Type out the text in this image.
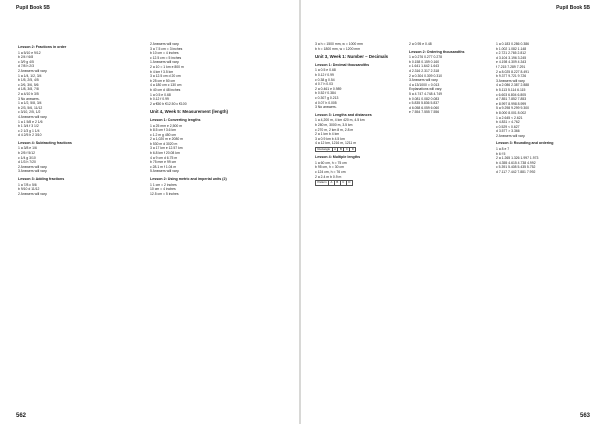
Pupil Book 5B
Lesson 2: Fractions in order
1 a 5/10 e 9/12
b 2/4 f 6/8
c 3/9 g 4/5
d 7/8 h 2/3
2 Answers will vary.
1 a 1/4, 1/2, 3/4
b 1/5, 2/5, 4/5
c 2/6, 3/6, 5/6
d 1/8, 3/8, 7/8
2 a 4/10 b 3/5
3 No answers.
1 a 1/2, 5/8, 3/4
b 2/3, 5/6, 11/12
c 3/10, 2/5, 1/2
4 Answers will vary.
1 a 1 5/8 e 2 1/6
b 1 3/4 f 3 1/2
c 2 1/3 g 1 1/4
d 4 2/5 h 2 3/10
Lesson 4: Subtracting fractions
1 a 3/8 e 1/6
b 2/5 f 5/12
c 1/4 g 3/10
d 1/3 h 7/20
2 Answers will vary.
3 Answers will vary.
Lesson 3: Adding fractions
1 a 7/8 c 5/6
b 9/10 d 11/12
2 Answers will vary.
2 Answers will vary.
3 a 7.5 cm = 3 inches
b 10 cm = 4 inches
c 12.5 cm = 5 inches
1 Answers will vary.
2 a 10 = 1 km e 800 m
b 4 km f 3.5 km
3 a 12.5 cm d 20 cm
b 25 cm e 50 cm
4 a 180 cm c 130 cm
b 40 cm d 48 inches
1 a 0.5 e 0.68
b 0.12 f 0.99
2 a €50 b €12.50 c €100
Unit 4, Week 5: Measurement (length)
Lesson 1: Converting lengths
1 a 25 mm e 2,500 m
b 8.5 cm f 3.6 km
c 1.2 m g 450 cm
2 a 1,020 m e 2080 m
b 530 m d 3020 m
3 a 17 km e 12.57 km
b 6.8 km f 20.08 km
4 a 9 cm d 6.75 m
b 75 mm e 99 cm
c 28.1 m f 1.04 m
5 Answers will vary.
Lesson 2: Using metric and imperial units (2)
1 1 cm = 2 inches
10 cm = 4 inches
12.5 cm = 5 inches
562
Pupil Book 5B
3 a h = 1500 mm, w = 1000 mm
b h = 1800 mm, w = 1200 mm
Unit 3, Week 1: Number – Decimals
Lesson 1: Decimal thousandths
1 a 0.5 e 0.68
b 0.12 f 0.99
c 0.38 g 0.54
d 0.7 h 0.03
2 a 0.461 e 0.989
b 0.52 f 0.384
c 0.307 g 0.213
d 0.07 h 0.005
3 No answers.
Lesson 3: Lengths and distances
1 a 4,200 m, 4 km 420 m, 4.5 km
b 280 m, 3000 m, 3.5 km
c 270 m, 2 km 8 m, 2.8 m
2 a 1 km b 4 km
3 a 0.9 km b 4.5 km
4 a 12 km, 1216 m, 1211 m
Rectangle	A	B	C	D
Lesson 4: Multiple lengths
1 a 60 cm, h = 75 cm
b 95 cm, h = 30 cm
c 124 cm, h = 76 cm
2 a 2.4 m b 0.9 m
Pattern	A	B	C	D
2 a 0.95 e 0.48
Lesson 2: Ordering thousandths
1 a 0.276 0.277 0.278
b 0.158 0.159 0.160
c 1.641 1.642 1.643
d 2.316 2.317 2.318
2 a 0.304 0.309 0.310
3 Answers will vary.
4 a 13/1000 = 0.013
Explanations will vary.
5 a 4.747 4.748 4.749
b 0.081 0.082 0.083
c 5.835 5.836 5.837
d 6.058 6.059 6.060
e 7.554 7.555 7.556
1 a 0.183 0.286 0.386
b 1.002 1.082 1.148
c 2.721 2.765 2.812
d 3.104 3.196 3.245
e 4.198 4.309 4.343
f 7.215 7.289 7.291
2 a 8.025 8.227 8.491
b 9.377 9.721 9.726
3 Answers will vary.
4 a 2.086 2.387 2.888
b 5.113 5.114 6.115
c 6.603 6.804 6.805
d 7.851 7.852 7.853
e 8.997 8.998 8.999
5 a 9.298 9.299 9.300
b 8.000 8.001 8.002
1 a 2.645 < 2.621
b 4.831 > 4.762
c 0.529 < 0.627
d 3.577 > 3.366
2 Answers will vary.
Lesson 3: Rounding and ordering
1 a 8 e 7
b 6 f 5
2 a 1.265 1.326 1.997 1.973
b 4.355 4.615 4.738 4.992
c 5.391 5.408 5.435 5.752
d 7.117 7.442 7.881 7.992
563
